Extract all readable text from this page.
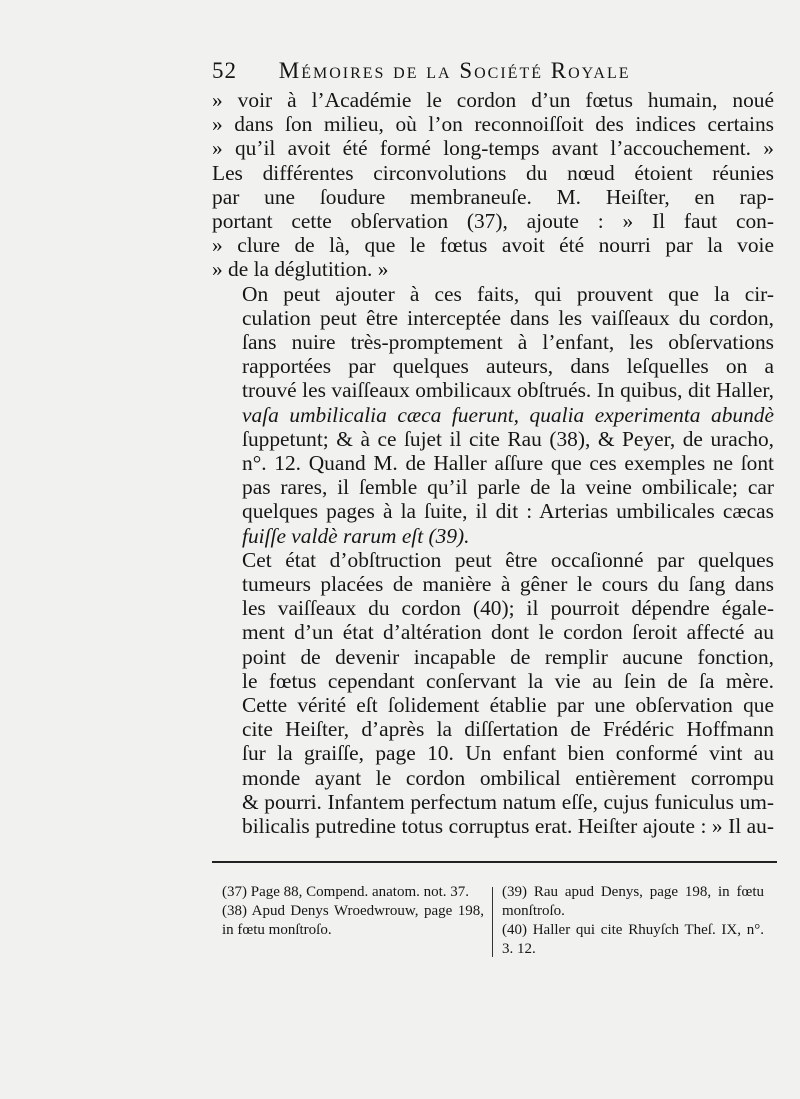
52 Mémoires de la Société Royale

» voir à l’Académie le cordon d’un fœtus humain, noué
» dans ſon milieu, où l’on reconnoiſſoit des indices certains
» qu’il avoit été formé long-temps avant l’accouchement. »
Les différentes circonvolutions du nœud étoient réunies
par une ſoudure membraneuſe. M. Heiſter, en rap-
portant cette obſervation (37), ajoute : » Il faut con-
» clure de là, que le fœtus avoit été nourri par la voie
» de la déglutition. »

On peut ajouter à ces faits, qui prouvent que la cir-
culation peut être interceptée dans les vaiſſeaux du cordon,
ſans nuire très-promptement à l’enfant, les obſervations
rapportées par quelques auteurs, dans leſquelles on a
trouvé les vaiſſeaux ombilicaux obſtrués. In quibus, dit Haller,
vaſa umbilicalia cæca fuerunt, qualia experimenta abundè
ſuppetunt; & à ce ſujet il cite Rau (38), & Peyer, de uracho,
n°. 12. Quand M. de Haller aſſure que ces exemples ne ſont
pas rares, il ſemble qu’il parle de la veine ombilicale; car
quelques pages à la ſuite, il dit : Arterias umbilicales cæcas
fuiſſe valdè rarum eſt (39).

Cet état d’obſtruction peut être occaſionné par quelques
tumeurs placées de manière à gêner le cours du ſang dans
les vaiſſeaux du cordon (40); il pourroit dépendre égale-
ment d’un état d’altération dont le cordon ſeroit affecté au
point de devenir incapable de remplir aucune fonction,
le fœtus cependant conſervant la vie au ſein de ſa mère.
Cette vérité eſt ſolidement établie par une obſervation que
cite Heiſter, d’après la diſſertation de Frédéric Hoffmann
ſur la graiſſe, page 10. Un enfant bien conformé vint au
monde ayant le cordon ombilical entièrement corrompu
& pourri. Infantem perfectum natum eſſe, cujus funiculus um-
bilicalis putredine totus corruptus erat. Heiſter ajoute : » Il au-

(37) Page 88, Compend. anatom. not. 37.
(38) Apud Denys Wroedwrouw, page 198, in fœtu monſtroſo.
(39) Rau apud Denys, page 198, in fœtu monſtroſo.
(40) Haller qui cite Rhuyſch Theſ. IX, n°. 3. 12.
